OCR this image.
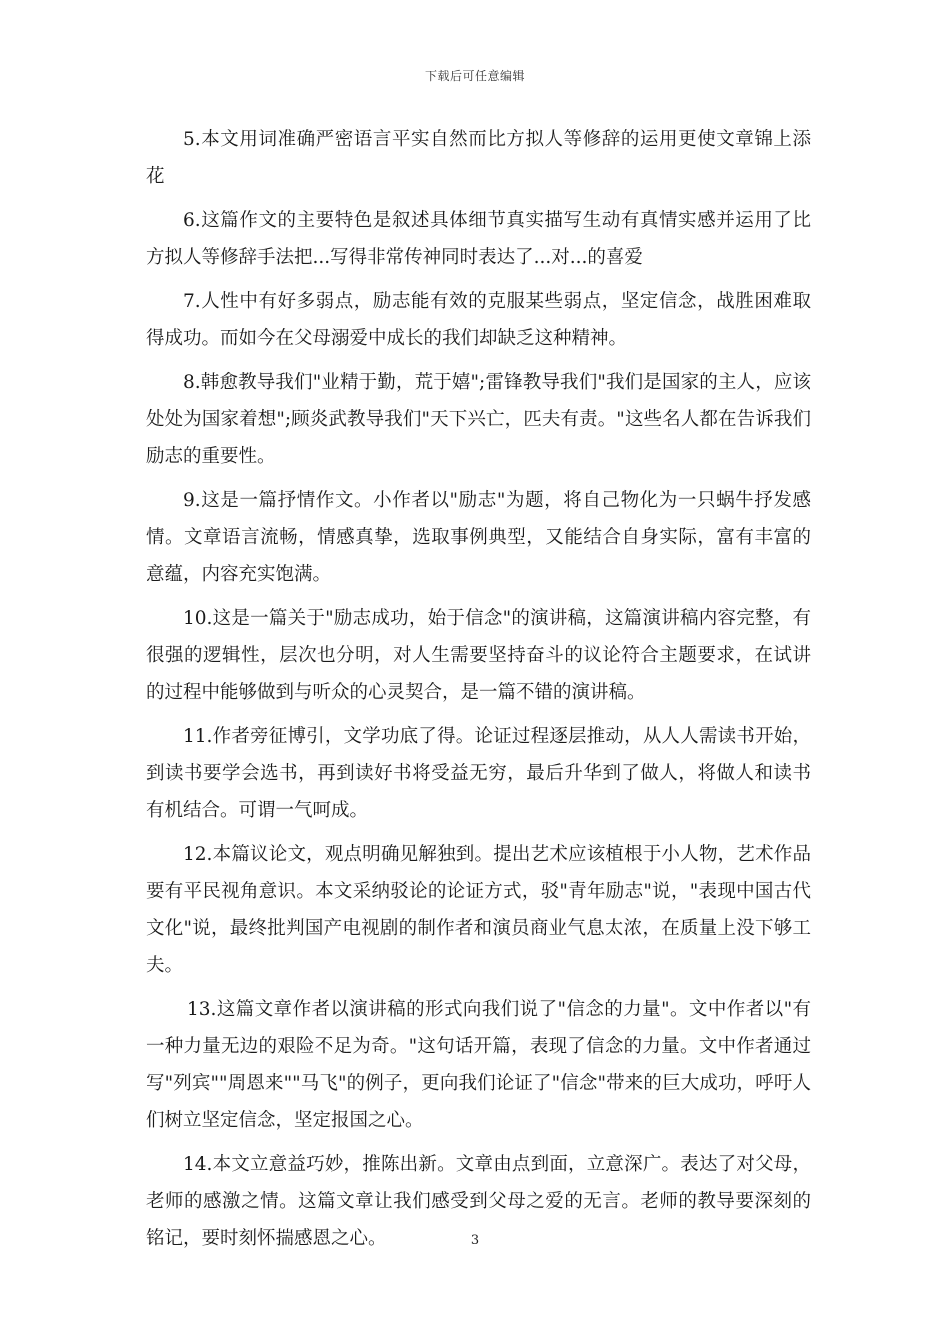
下载后可任意编辑

5.本文用词准确严密语言平实自然而比方拟人等修辞的运用更使文章锦上添花

6.这篇作文的主要特色是叙述具体细节真实描写生动有真情实感并运用了比方拟人等修辞手法把...写得非常传神同时表达了...对...的喜爱

7.人性中有好多弱点，励志能有效的克服某些弱点，坚定信念，战胜困难取得成功。而如今在父母溺爱中成长的我们却缺乏这种精神。

8.韩愈教导我们"业精于勤，荒于嬉";雷锋教导我们"我们是国家的主人，应该处处为国家着想";顾炎武教导我们"天下兴亡，匹夫有责。"这些名人都在告诉我们励志的重要性。

9.这是一篇抒情作文。小作者以"励志"为题，将自己物化为一只蜗牛抒发感情。文章语言流畅，情感真挚，选取事例典型，又能结合自身实际，富有丰富的意蕴，内容充实饱满。

10.这是一篇关于"励志成功，始于信念"的演讲稿，这篇演讲稿内容完整，有很强的逻辑性，层次也分明，对人生需要坚持奋斗的议论符合主题要求，在试讲的过程中能够做到与听众的心灵契合，是一篇不错的演讲稿。

11.作者旁征博引，文学功底了得。论证过程逐层推动，从人人需读书开始，到读书要学会选书，再到读好书将受益无穷，最后升华到了做人，将做人和读书有机结合。可谓一气呵成。

12.本篇议论文，观点明确见解独到。提出艺术应该植根于小人物，艺术作品要有平民视角意识。本文采纳驳论的论证方式，驳"青年励志"说，"表现中国古代文化"说，最终批判国产电视剧的制作者和演员商业气息太浓，在质量上没下够工夫。

13.这篇文章作者以演讲稿的形式向我们说了"信念的力量"。文中作者以"有一种力量无边的艰险不足为奇。"这句话开篇，表现了信念的力量。文中作者通过写"列宾""周恩来""马飞"的例子，更向我们论证了"信念"带来的巨大成功，呼吁人们树立坚定信念，坚定报国之心。

14.本文立意益巧妙，推陈出新。文章由点到面，立意深广。表达了对父母，老师的感激之情。这篇文章让我们感受到父母之爱的无言。老师的教导要深刻的铭记，要时刻怀揣感恩之心。	3
